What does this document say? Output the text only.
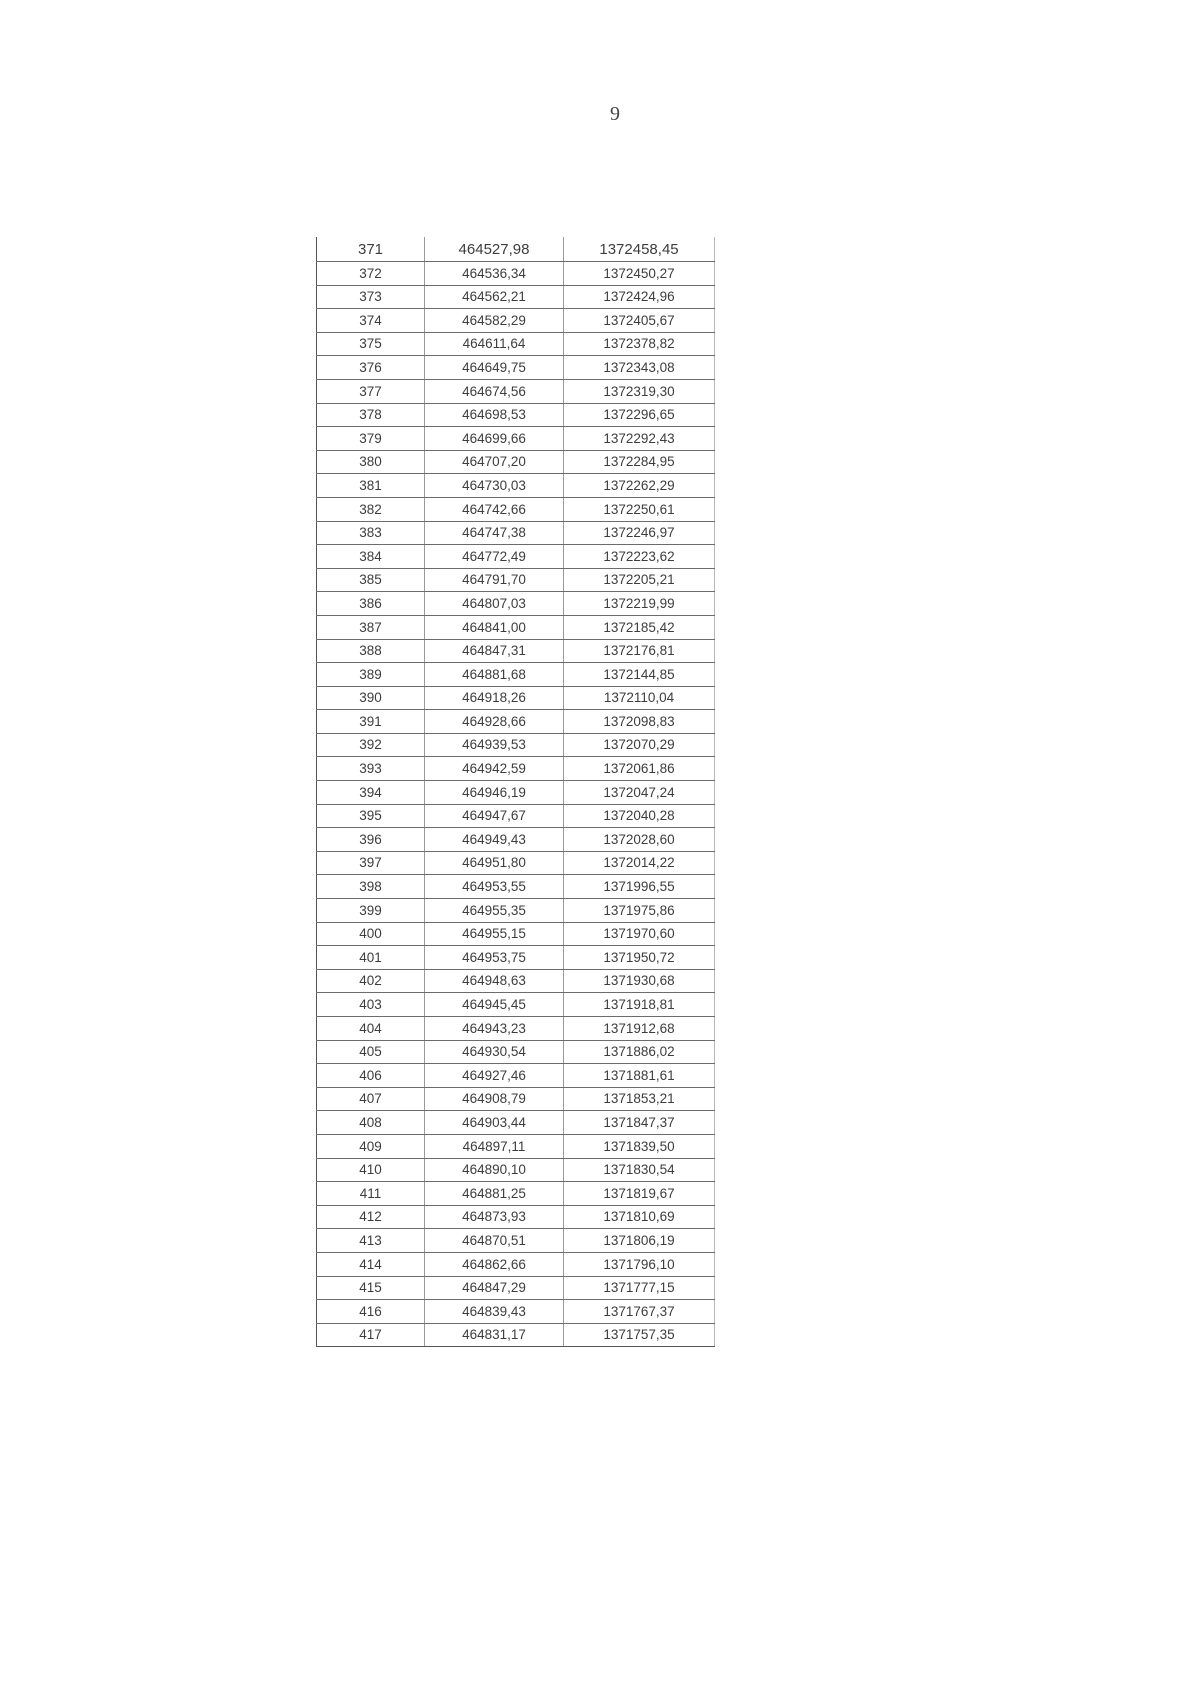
9
371	464527,98	1372458,45
372	464536,34	1372450,27
373	464562,21	1372424,96
374	464582,29	1372405,67
375	464611,64	1372378,82
376	464649,75	1372343,08
377	464674,56	1372319,30
378	464698,53	1372296,65
379	464699,66	1372292,43
380	464707,20	1372284,95
381	464730,03	1372262,29
382	464742,66	1372250,61
383	464747,38	1372246,97
384	464772,49	1372223,62
385	464791,70	1372205,21
386	464807,03	1372219,99
387	464841,00	1372185,42
388	464847,31	1372176,81
389	464881,68	1372144,85
390	464918,26	1372110,04
391	464928,66	1372098,83
392	464939,53	1372070,29
393	464942,59	1372061,86
394	464946,19	1372047,24
395	464947,67	1372040,28
396	464949,43	1372028,60
397	464951,80	1372014,22
398	464953,55	1371996,55
399	464955,35	1371975,86
400	464955,15	1371970,60
401	464953,75	1371950,72
402	464948,63	1371930,68
403	464945,45	1371918,81
404	464943,23	1371912,68
405	464930,54	1371886,02
406	464927,46	1371881,61
407	464908,79	1371853,21
408	464903,44	1371847,37
409	464897,11	1371839,50
410	464890,10	1371830,54
411	464881,25	1371819,67
412	464873,93	1371810,69
413	464870,51	1371806,19
414	464862,66	1371796,10
415	464847,29	1371777,15
416	464839,43	1371767,37
417	464831,17	1371757,35
